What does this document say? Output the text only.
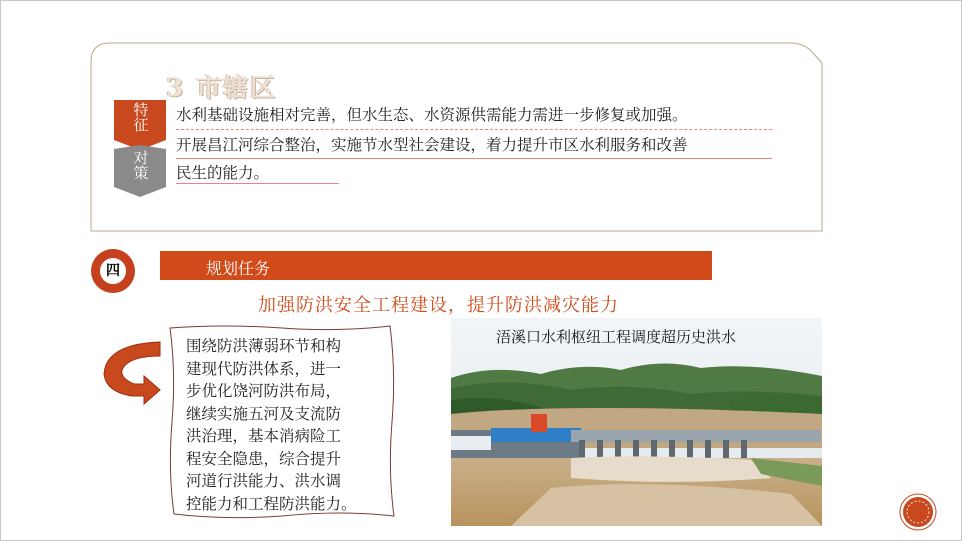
3 市辖区
特征
对策
水利基础设施相对完善，但水生态、水资源供需能力需进一步修复或加强。
开展昌江河综合整治，实施节水型社会建设，着力提升市区水利服务和改善
民生的能力。
四	规划任务
加强防洪安全工程建设，提升防洪减灾能力
围绕防洪薄弱环节和构
建现代防洪体系，进一
步优化饶河防洪布局，
继续实施五河及支流防
洪治理，基本消病险工
程安全隐患，综合提升
河道行洪能力、洪水调
控能力和工程防洪能力。
浯溪口水利枢纽工程调度超历史洪水
